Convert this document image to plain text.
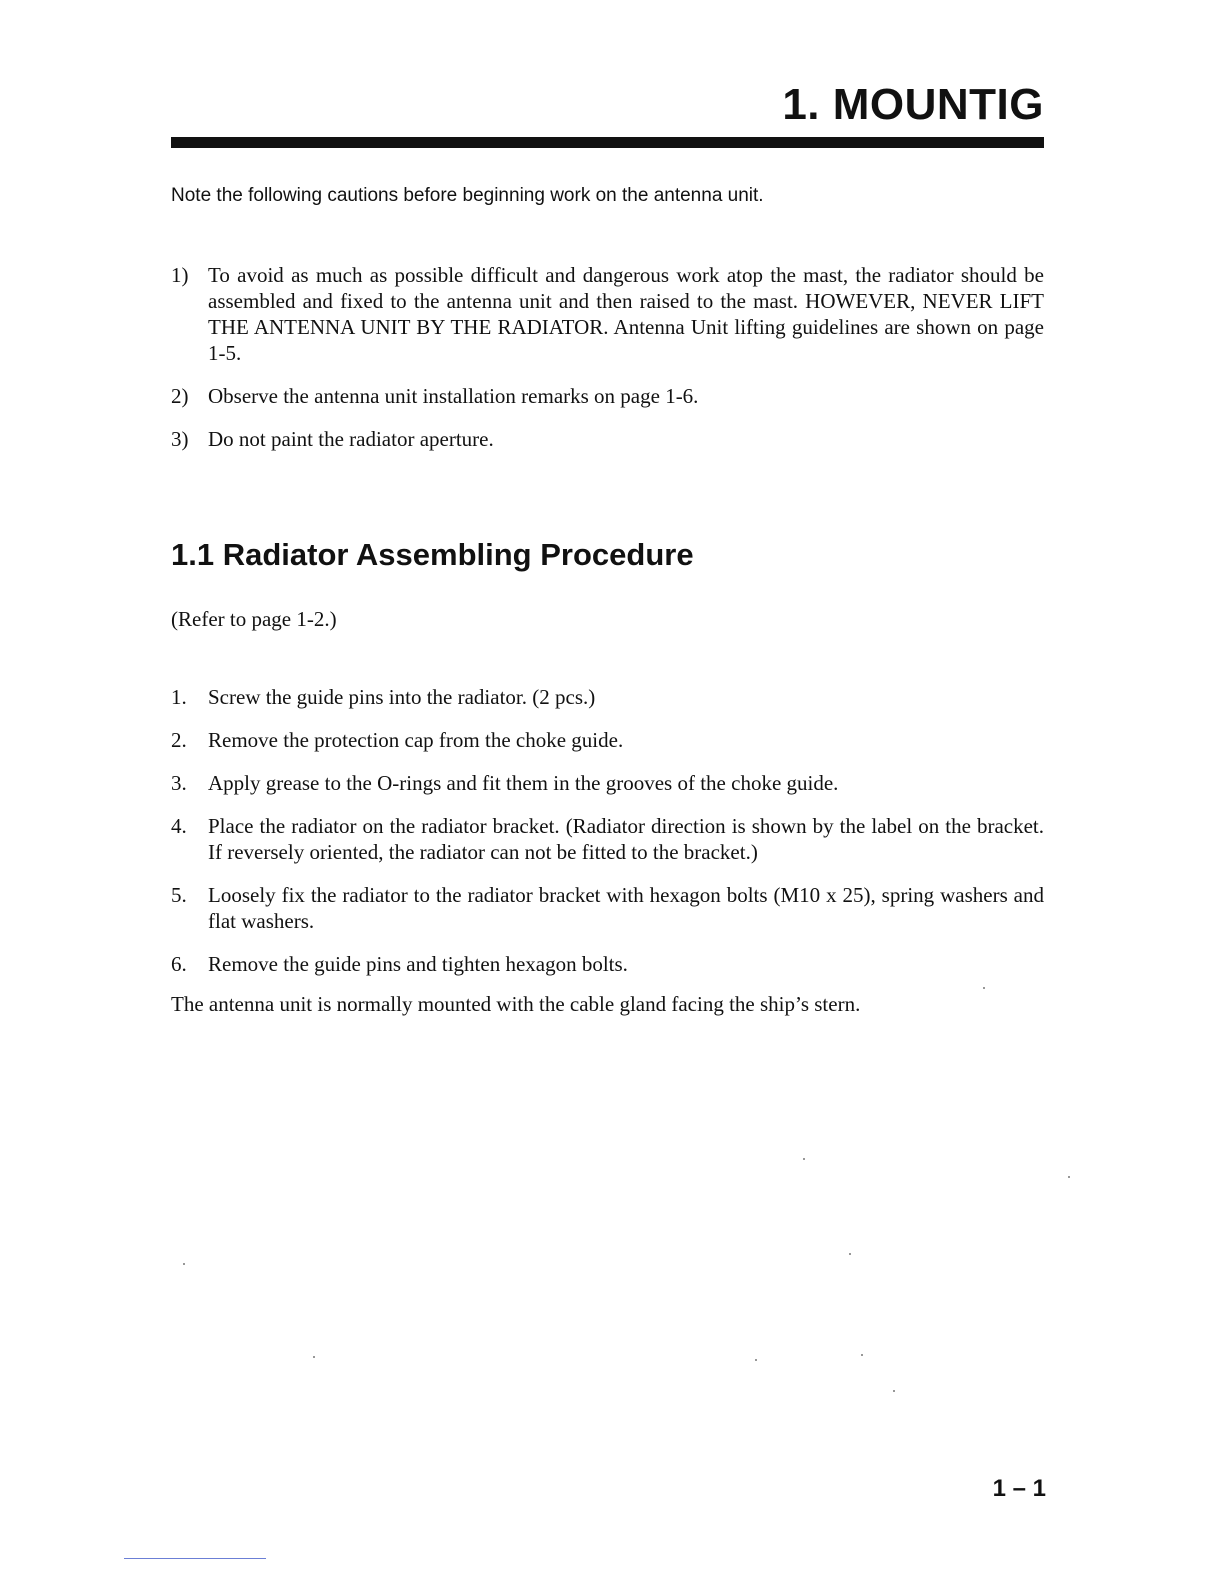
1. MOUNTIG
Note the following cautions before beginning work on the antenna unit.
1) To avoid as much as possible difficult and dangerous work atop the mast, the radiator should be assembled and fixed to the antenna unit and then raised to the mast. HOWEVER, NEVER LIFT THE ANTENNA UNIT BY THE RADIATOR. Antenna Unit lifting guidelines are shown on page 1-5.
2) Observe the antenna unit installation remarks on page 1-6.
3) Do not paint the radiator aperture.
1.1 Radiator Assembling Procedure
(Refer to page 1-2.)
1. Screw the guide pins into the radiator. (2 pcs.)
2. Remove the protection cap from the choke guide.
3. Apply grease to the O-rings and fit them in the grooves of the choke guide.
4. Place the radiator on the radiator bracket. (Radiator direction is shown by the label on the bracket. If reversely oriented, the radiator can not be fitted to the bracket.)
5. Loosely fix the radiator to the radiator bracket with hexagon bolts (M10 x 25), spring washers and flat washers.
6. Remove the guide pins and tighten hexagon bolts.
The antenna unit is normally mounted with the cable gland facing the ship’s stern.
1 – 1
